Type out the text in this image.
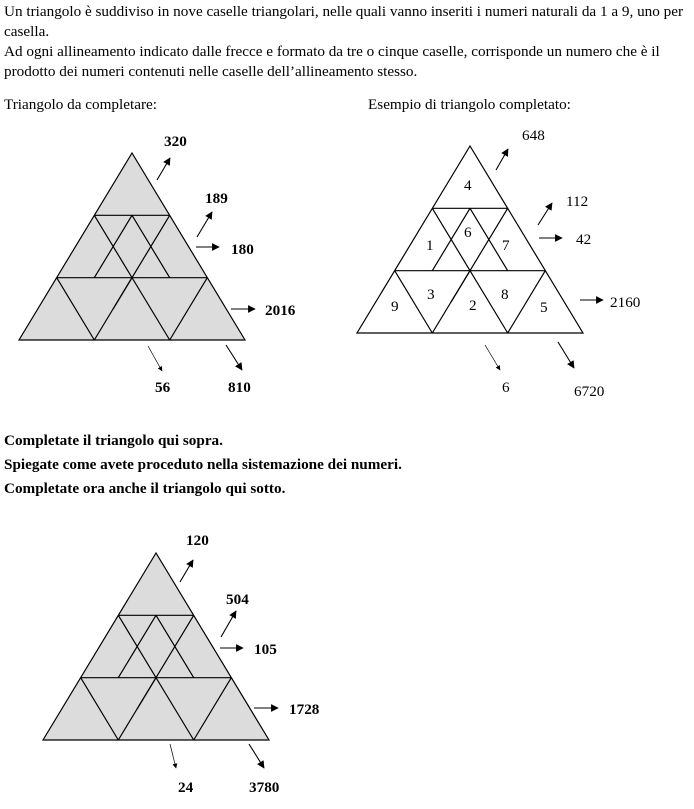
Un triangolo è suddiviso in nove caselle triangolari, nelle quali vanno inseriti i numeri naturali da 1 a 9, uno per casella.

Ad ogni allineamento indicato dalle frecce e formato da tre o cinque caselle, corrisponde un numero che è il prodotto dei numeri contenuti nelle caselle dell’allineamento stesso.

Triangolo da completare:	Esempio di triangolo completato:
320
189
180
2016
56	810
4
1
6
7
9
3
2
8
5
648
112
42
2160
6	6720
120
504
105
1728
24	3780
Completate il triangolo qui sopra.
Spiegate come avete proceduto nella sistemazione dei numeri.
Completate ora anche il triangolo qui sotto.
